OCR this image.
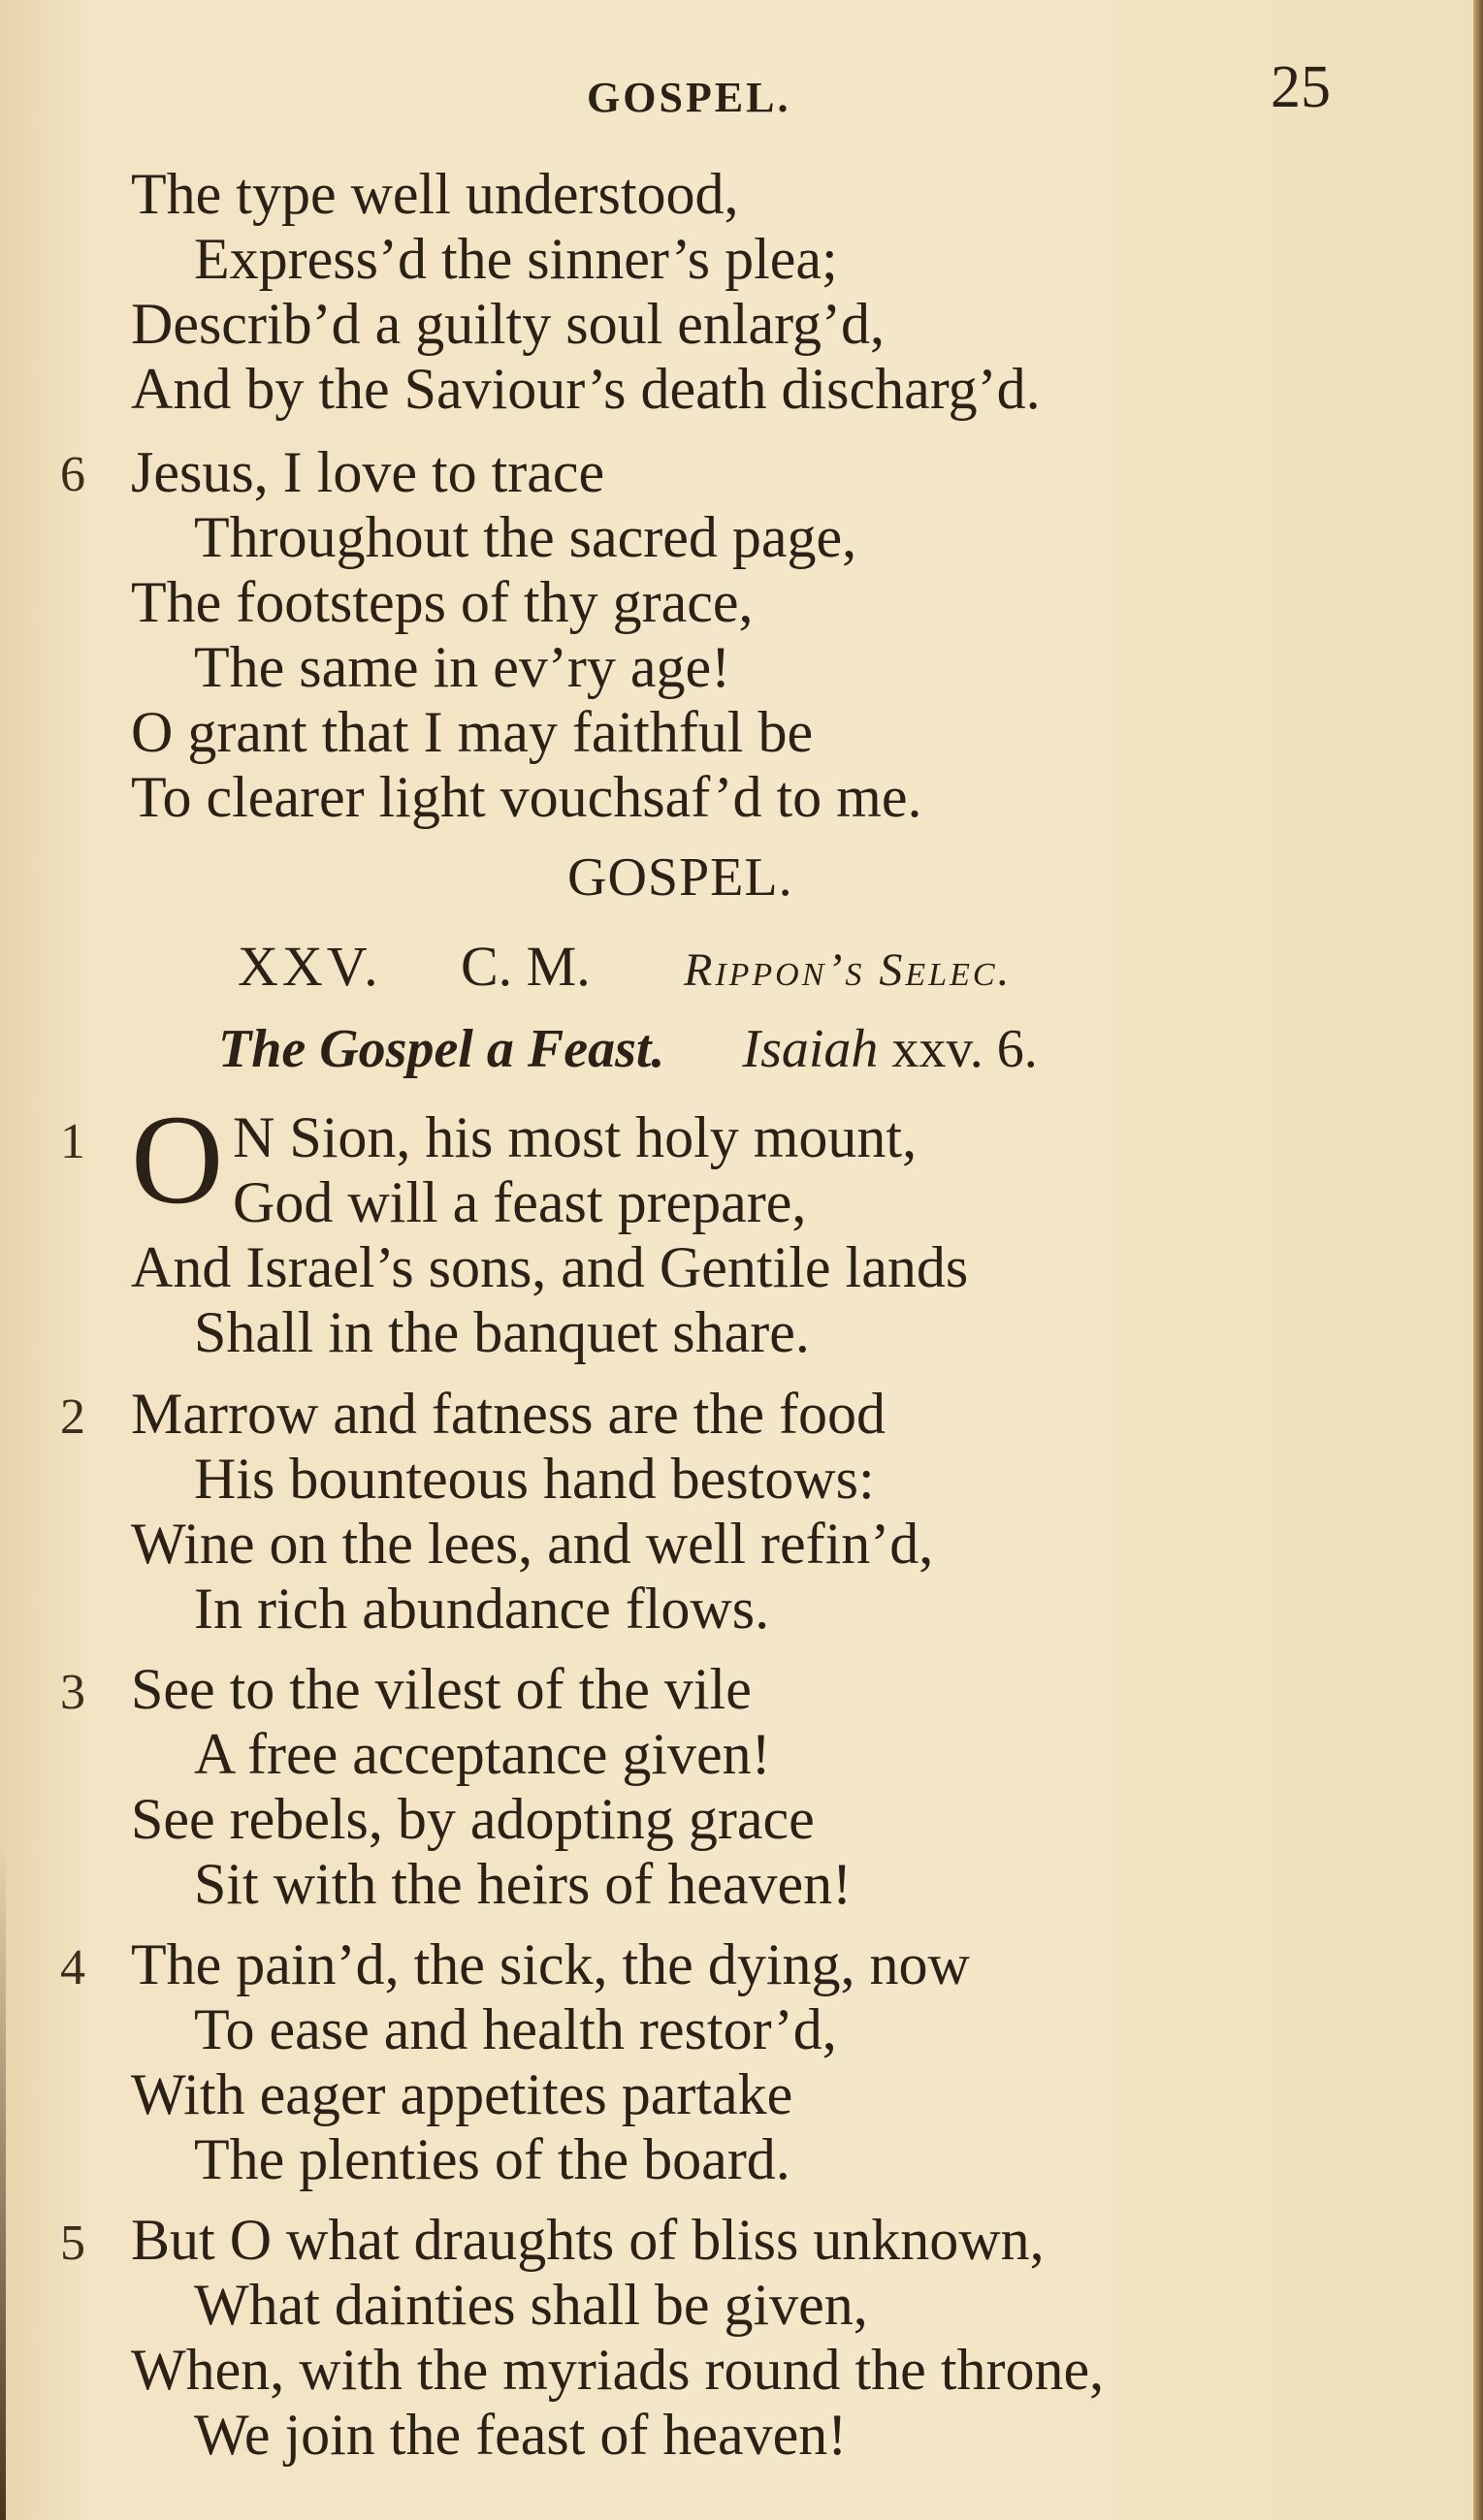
GOSPEL.	25
The type well understood,
Express’d the sinner’s plea;
Describ’d a guilty soul enlarg’d,
And by the Saviour’s death discharg’d.
6 Jesus, I love to trace
Throughout the sacred page,
The footsteps of thy grace,
The same in ev’ry age!
O grant that I may faithful be
To clearer light vouchsaf’d to me.
GOSPEL.
XXV. C. M. Rippon’s Selec.
The Gospel a Feast. Isaiah xxv. 6.
1 O N Sion, his most holy mount,
God will a feast prepare,
And Israel’s sons, and Gentile lands
Shall in the banquet share.
2 Marrow and fatness are the food
His bounteous hand bestows:
Wine on the lees, and well refin’d,
In rich abundance flows.
3 See to the vilest of the vile
A free acceptance given!
See rebels, by adopting grace
Sit with the heirs of heaven!
4 The pain’d, the sick, the dying, now
To ease and health restor’d,
With eager appetites partake
The plenties of the board.
5 But O what draughts of bliss unknown,
What dainties shall be given,
When, with the myriads round the throne,
We join the feast of heaven!
